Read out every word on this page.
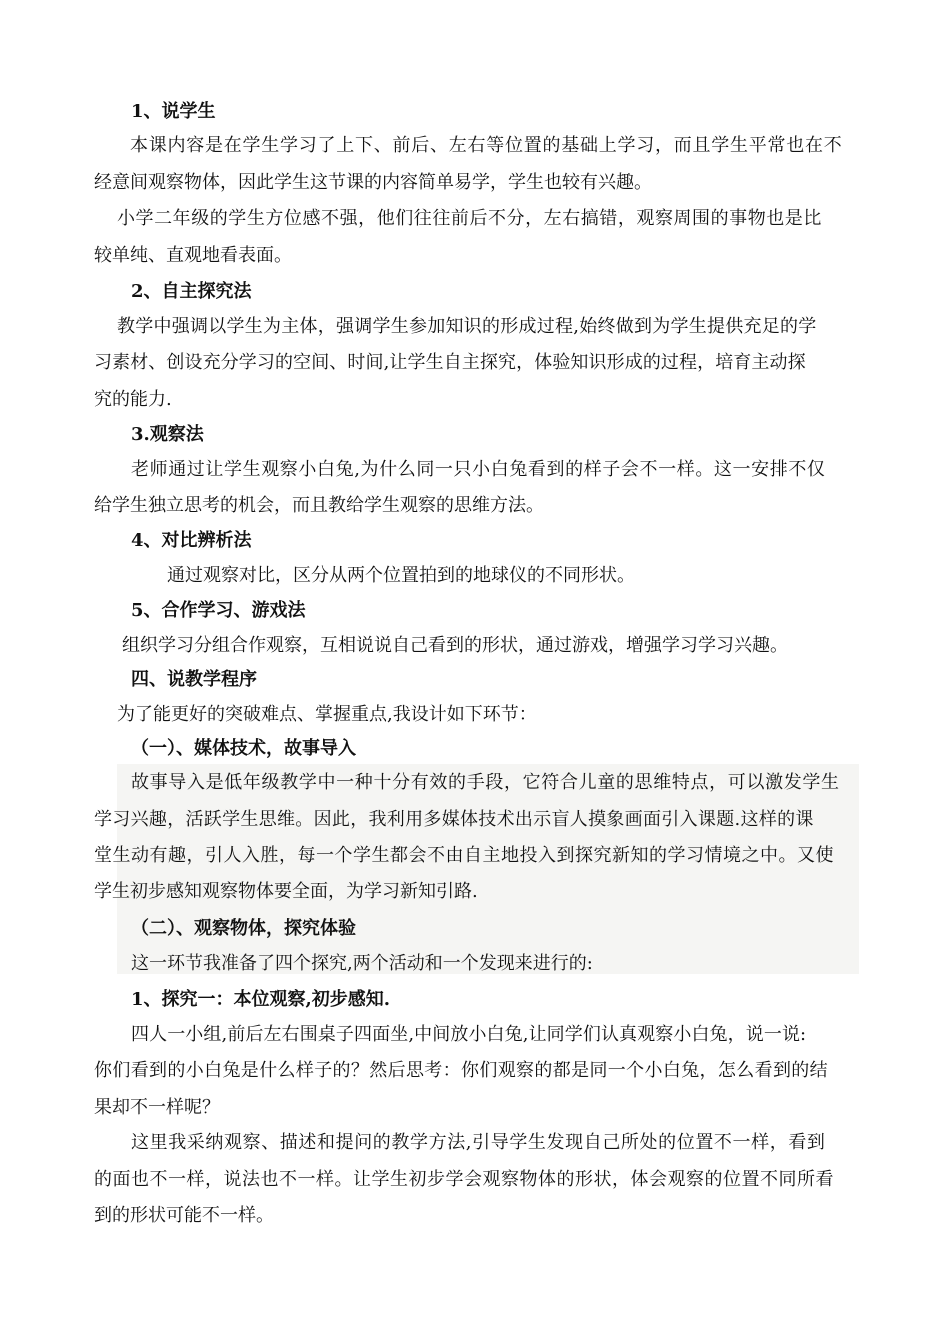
1、说学生
本课内容是在学生学习了上下、前后、左右等位置的基础上学习，而且学生平常也在不
经意间观察物体，因此学生这节课的内容简单易学，学生也较有兴趣。
小学二年级的学生方位感不强，他们往往前后不分，左右搞错，观察周围的事物也是比
较单纯、直观地看表面。
2、自主探究法
教学中强调以学生为主体，强调学生参加知识的形成过程,始终做到为学生提供充足的学
习素材、创设充分学习的空间、时间,让学生自主探究，体验知识形成的过程，培育主动探
究的能力.
3.观察法
老师通过让学生观察小白兔,为什么同一只小白兔看到的样子会不一样。这一安排不仅
给学生独立思考的机会，而且教给学生观察的思维方法。
4、对比辨析法
通过观察对比，区分从两个位置拍到的地球仪的不同形状。
5、合作学习、游戏法
组织学习分组合作观察，互相说说自己看到的形状，通过游戏，增强学习学习兴趣。
四、说教学程序
为了能更好的突破难点、掌握重点,我设计如下环节：
（一）、媒体技术，故事导入
故事导入是低年级教学中一种十分有效的手段，它符合儿童的思维特点，可以激发学生
学习兴趣，活跃学生思维。因此，我利用多媒体技术出示盲人摸象画面引入课题.这样的课
堂生动有趣，引人入胜，每一个学生都会不由自主地投入到探究新知的学习情境之中。又使
学生初步感知观察物体要全面，为学习新知引路.
（二）、观察物体，探究体验
这一环节我准备了四个探究,两个活动和一个发现来进行的:
1、探究一：本位观察,初步感知.
四人一小组,前后左右围桌子四面坐,中间放小白兔,让同学们认真观察小白兔，说一说:
你们看到的小白兔是什么样子的？然后思考：你们观察的都是同一个小白兔，怎么看到的结
果却不一样呢？
这里我采纳观察、描述和提问的教学方法,引导学生发现自己所处的位置不一样，看到
的面也不一样，说法也不一样。让学生初步学会观察物体的形状，体会观察的位置不同所看
到的形状可能不一样。
